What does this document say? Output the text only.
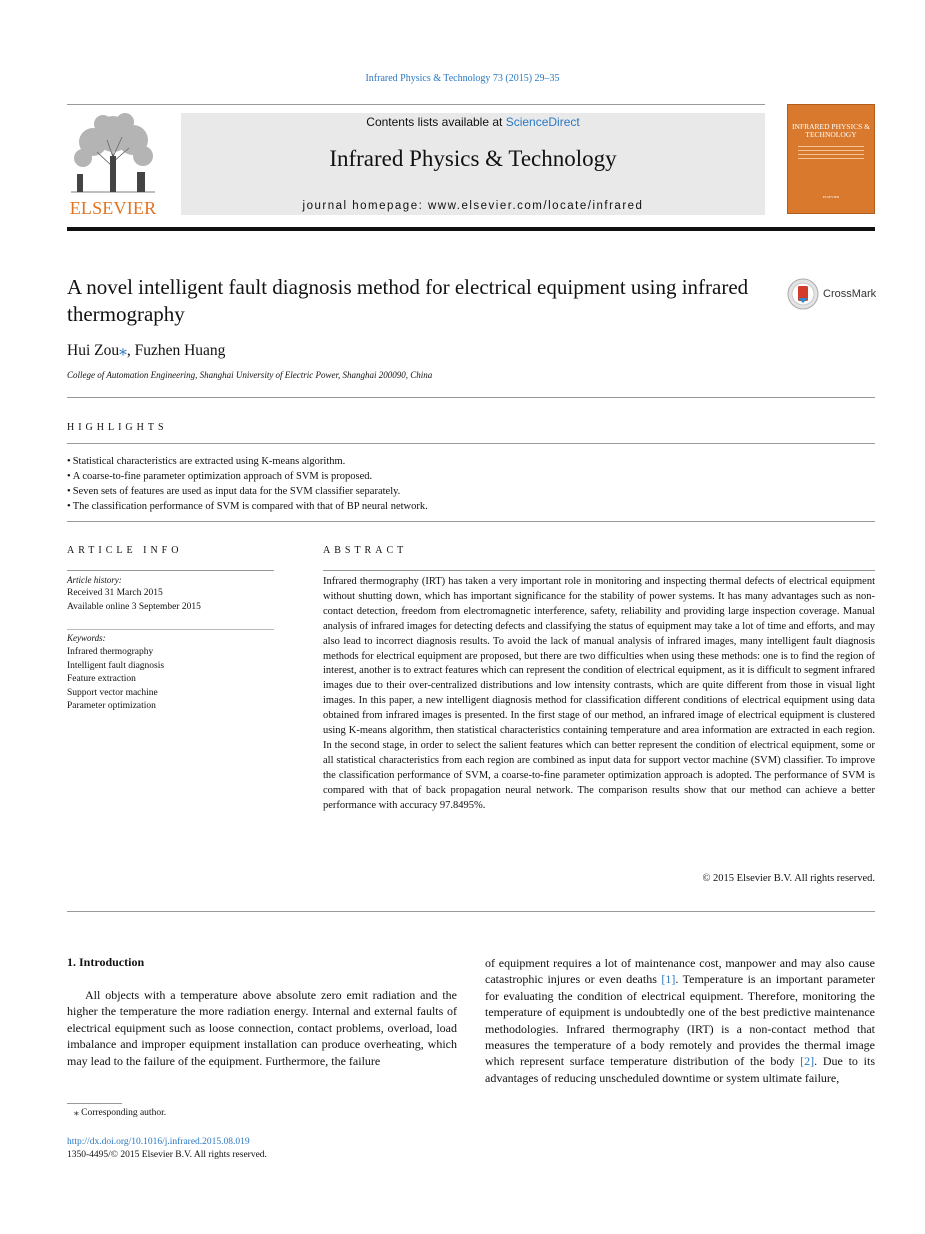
Infrared Physics & Technology 73 (2015) 29–35
ELSEVIER
Contents lists available at ScienceDirect
Infrared Physics & Technology
journal homepage: www.elsevier.com/locate/infrared
INFRARED PHYSICS & TECHNOLOGY
ELSEVIER
A novel intelligent fault diagnosis method for electrical equipment using infrared thermography
CrossMark
Hui Zou⁎, Fuzhen Huang
College of Automation Engineering, Shanghai University of Electric Power, Shanghai 200090, China
HIGHLIGHTS
• Statistical characteristics are extracted using K-means algorithm.
• A coarse-to-fine parameter optimization approach of SVM is proposed.
• Seven sets of features are used as input data for the SVM classifier separately.
• The classification performance of SVM is compared with that of BP neural network.
ARTICLE INFO	ABSTRACT
Article history:
Received 31 March 2015
Available online 3 September 2015
Keywords:
Infrared thermography
Intelligent fault diagnosis
Feature extraction
Support vector machine
Parameter optimization
Infrared thermography (IRT) has taken a very important role in monitoring and inspecting thermal defects of electrical equipment without shutting down, which has important significance for the stability of power systems. It has many advantages such as non-contact detection, freedom from electromagnetic interference, safety, reliability and providing large inspection coverage. Manual analysis of infrared images for detecting defects and classifying the status of equipment may take a lot of time and efforts, and may also lead to incorrect diagnosis results. To avoid the lack of manual analysis of infrared images, many intelligent fault diagnosis methods for electrical equipment are proposed, but there are two difficulties when using these methods: one is to find the region of interest, another is to extract features which can represent the condition of electrical equipment, as it is difficult to segment infrared images due to their over-centralized distributions and low intensity contrasts, which are quite different from those in visual light images. In this paper, a new intelligent diagnosis method for classification different conditions of electrical equipment using data obtained from infrared images is presented. In the first stage of our method, an infrared image of electrical equipment is clustered using K-means algorithm, then statistical characteristics containing temperature and area information are extracted in each region. In the second stage, in order to select the salient features which can better represent the condition of electrical equipment, some or all statistical characteristics from each region are combined as input data for support vector machine (SVM) classifier. To improve the classification performance of SVM, a coarse-to-fine parameter optimization approach is adopted. The performance of SVM is compared with that of back propagation neural network. The comparison results show that our method can achieve a better performance with accuracy 97.8495%.
© 2015 Elsevier B.V. All rights reserved.
1. Introduction
All objects with a temperature above absolute zero emit radiation and the higher the temperature the more radiation energy. Internal and external faults of electrical equipment such as loose connection, contact problems, overload, load imbalance and improper equipment installation can produce overheating, which may lead to the failure of the equipment. Furthermore, the failure
of equipment requires a lot of maintenance cost, manpower and may also cause catastrophic injures or even deaths [1]. Temperature is an important parameter for evaluating the condition of electrical equipment. Therefore, monitoring the temperature of equipment is undoubtedly one of the best predictive maintenance methodologies. Infrared thermography (IRT) is a non-contact method that measures the temperature of a body remotely and provides the thermal image which represent surface temperature distribution of the body [2]. Due to its advantages of reducing unscheduled downtime or system ultimate failure,
⁎ Corresponding author.
http://dx.doi.org/10.1016/j.infrared.2015.08.019
1350-4495/© 2015 Elsevier B.V. All rights reserved.
